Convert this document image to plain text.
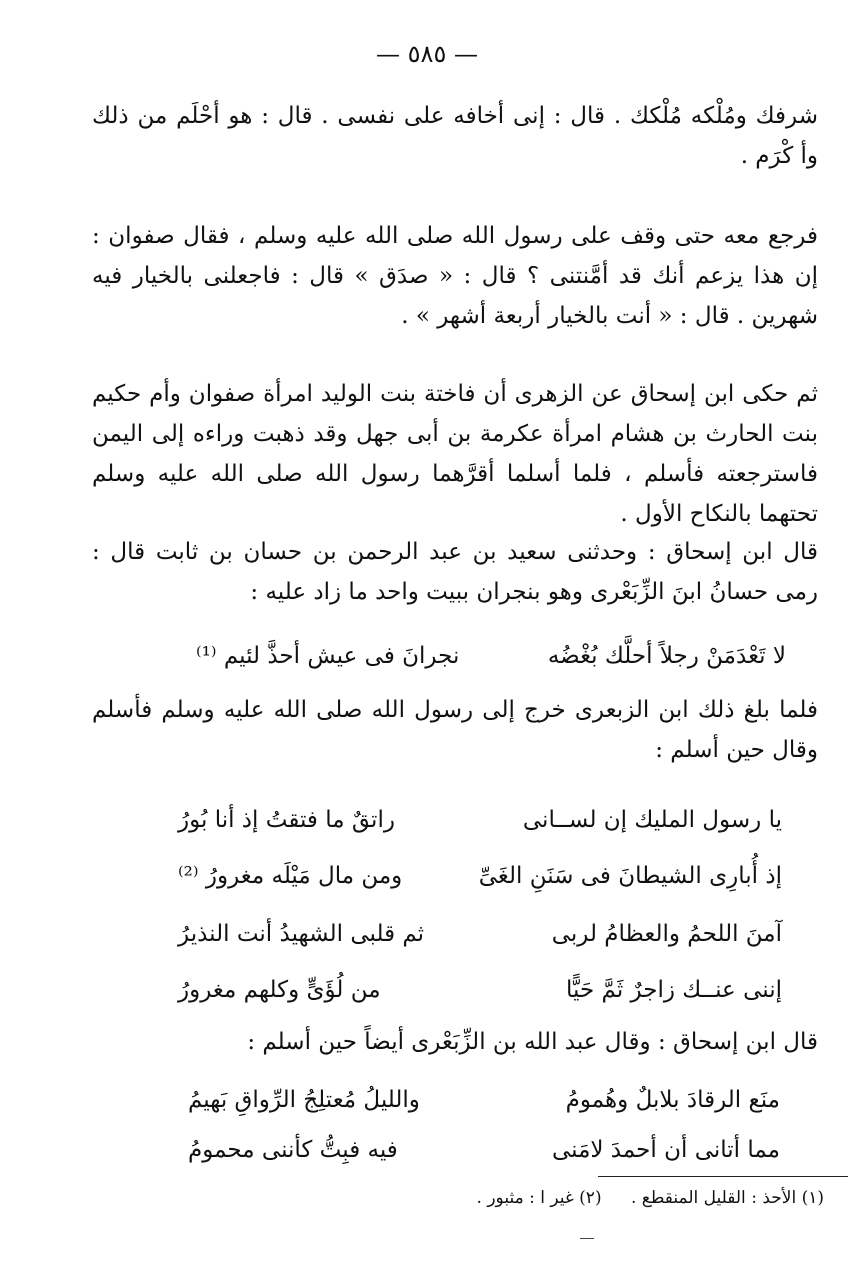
— ٥٨٥ —
شرفك ومُلْكه مُلْكك . قال : إنى أخافه على نفسى . قال : هو أحْلَم من ذلك وأ كْرَم .
فرجع معه حتى وقف على رسول الله صلى الله عليه وسلم ، فقال صفوان : إن هذا يزعم أنك قد أمَّنتنى ؟ قال : « صدَق » قال : فاجعلنى بالخيار فيه شهرين . قال : « أنت بالخيار أربعة أشهر » .
ثم حكى ابن إسحاق عن الزهرى أن فاختة بنت الوليد امرأة صفوان وأم حكيم بنت الحارث بن هشام امرأة عكرمة بن أبى جهل وقد ذهبت وراءه إلى اليمن فاسترجعته فأسلم ، فلما أسلما أقرَّهما رسول الله صلى الله عليه وسلم تحتهما بالنكاح الأول .
قال ابن إسحاق : وحدثنى سعيد بن عبد الرحمن بن حسان بن ثابت قال : رمى حسانُ ابنَ الزِّبَعْرى وهو بنجران ببيت واحد ما زاد عليه :
لا تَعْدَمَنْ رجلاً أحلَّك بُغْضُه
نجرانَ فى عيش أحذَّ لئيم ⁽¹⁾
فلما بلغ ذلك ابن الزبعرى خرج إلى رسول الله صلى الله عليه وسلم فأسلم وقال حين أسلم :
يا رسول المليك إن لســانى
راتقٌ ما فتقتُ إذ أنا بُورُ
إذ أُبارِى الشيطانَ فى سَنَنِ الغَىِّ
ومن مال مَيْلَه مغرورُ ⁽²⁾
آمنَ اللحمُ والعظامُ لربى
ثم قلبى الشهيدُ أنت النذيرُ
إننى عنــك زاجرٌ ثَمَّ حَيًّا
من لُؤَىٍّ وكلهم مغرورُ
قال ابن إسحاق : وقال عبد الله بن الزِّبَعْرى أيضاً حين أسلم :
منَع الرقادَ بلابلٌ وهُمومُ
والليلُ مُعتلِجُ الرِّواقِ بَهيمُ
مما أتانى أن أحمدَ لامَنى
فيه فبِتُّ كأننى محمومُ
(١) الأحذ : القليل المنقطع . (٢) غير ا : مثبور .
